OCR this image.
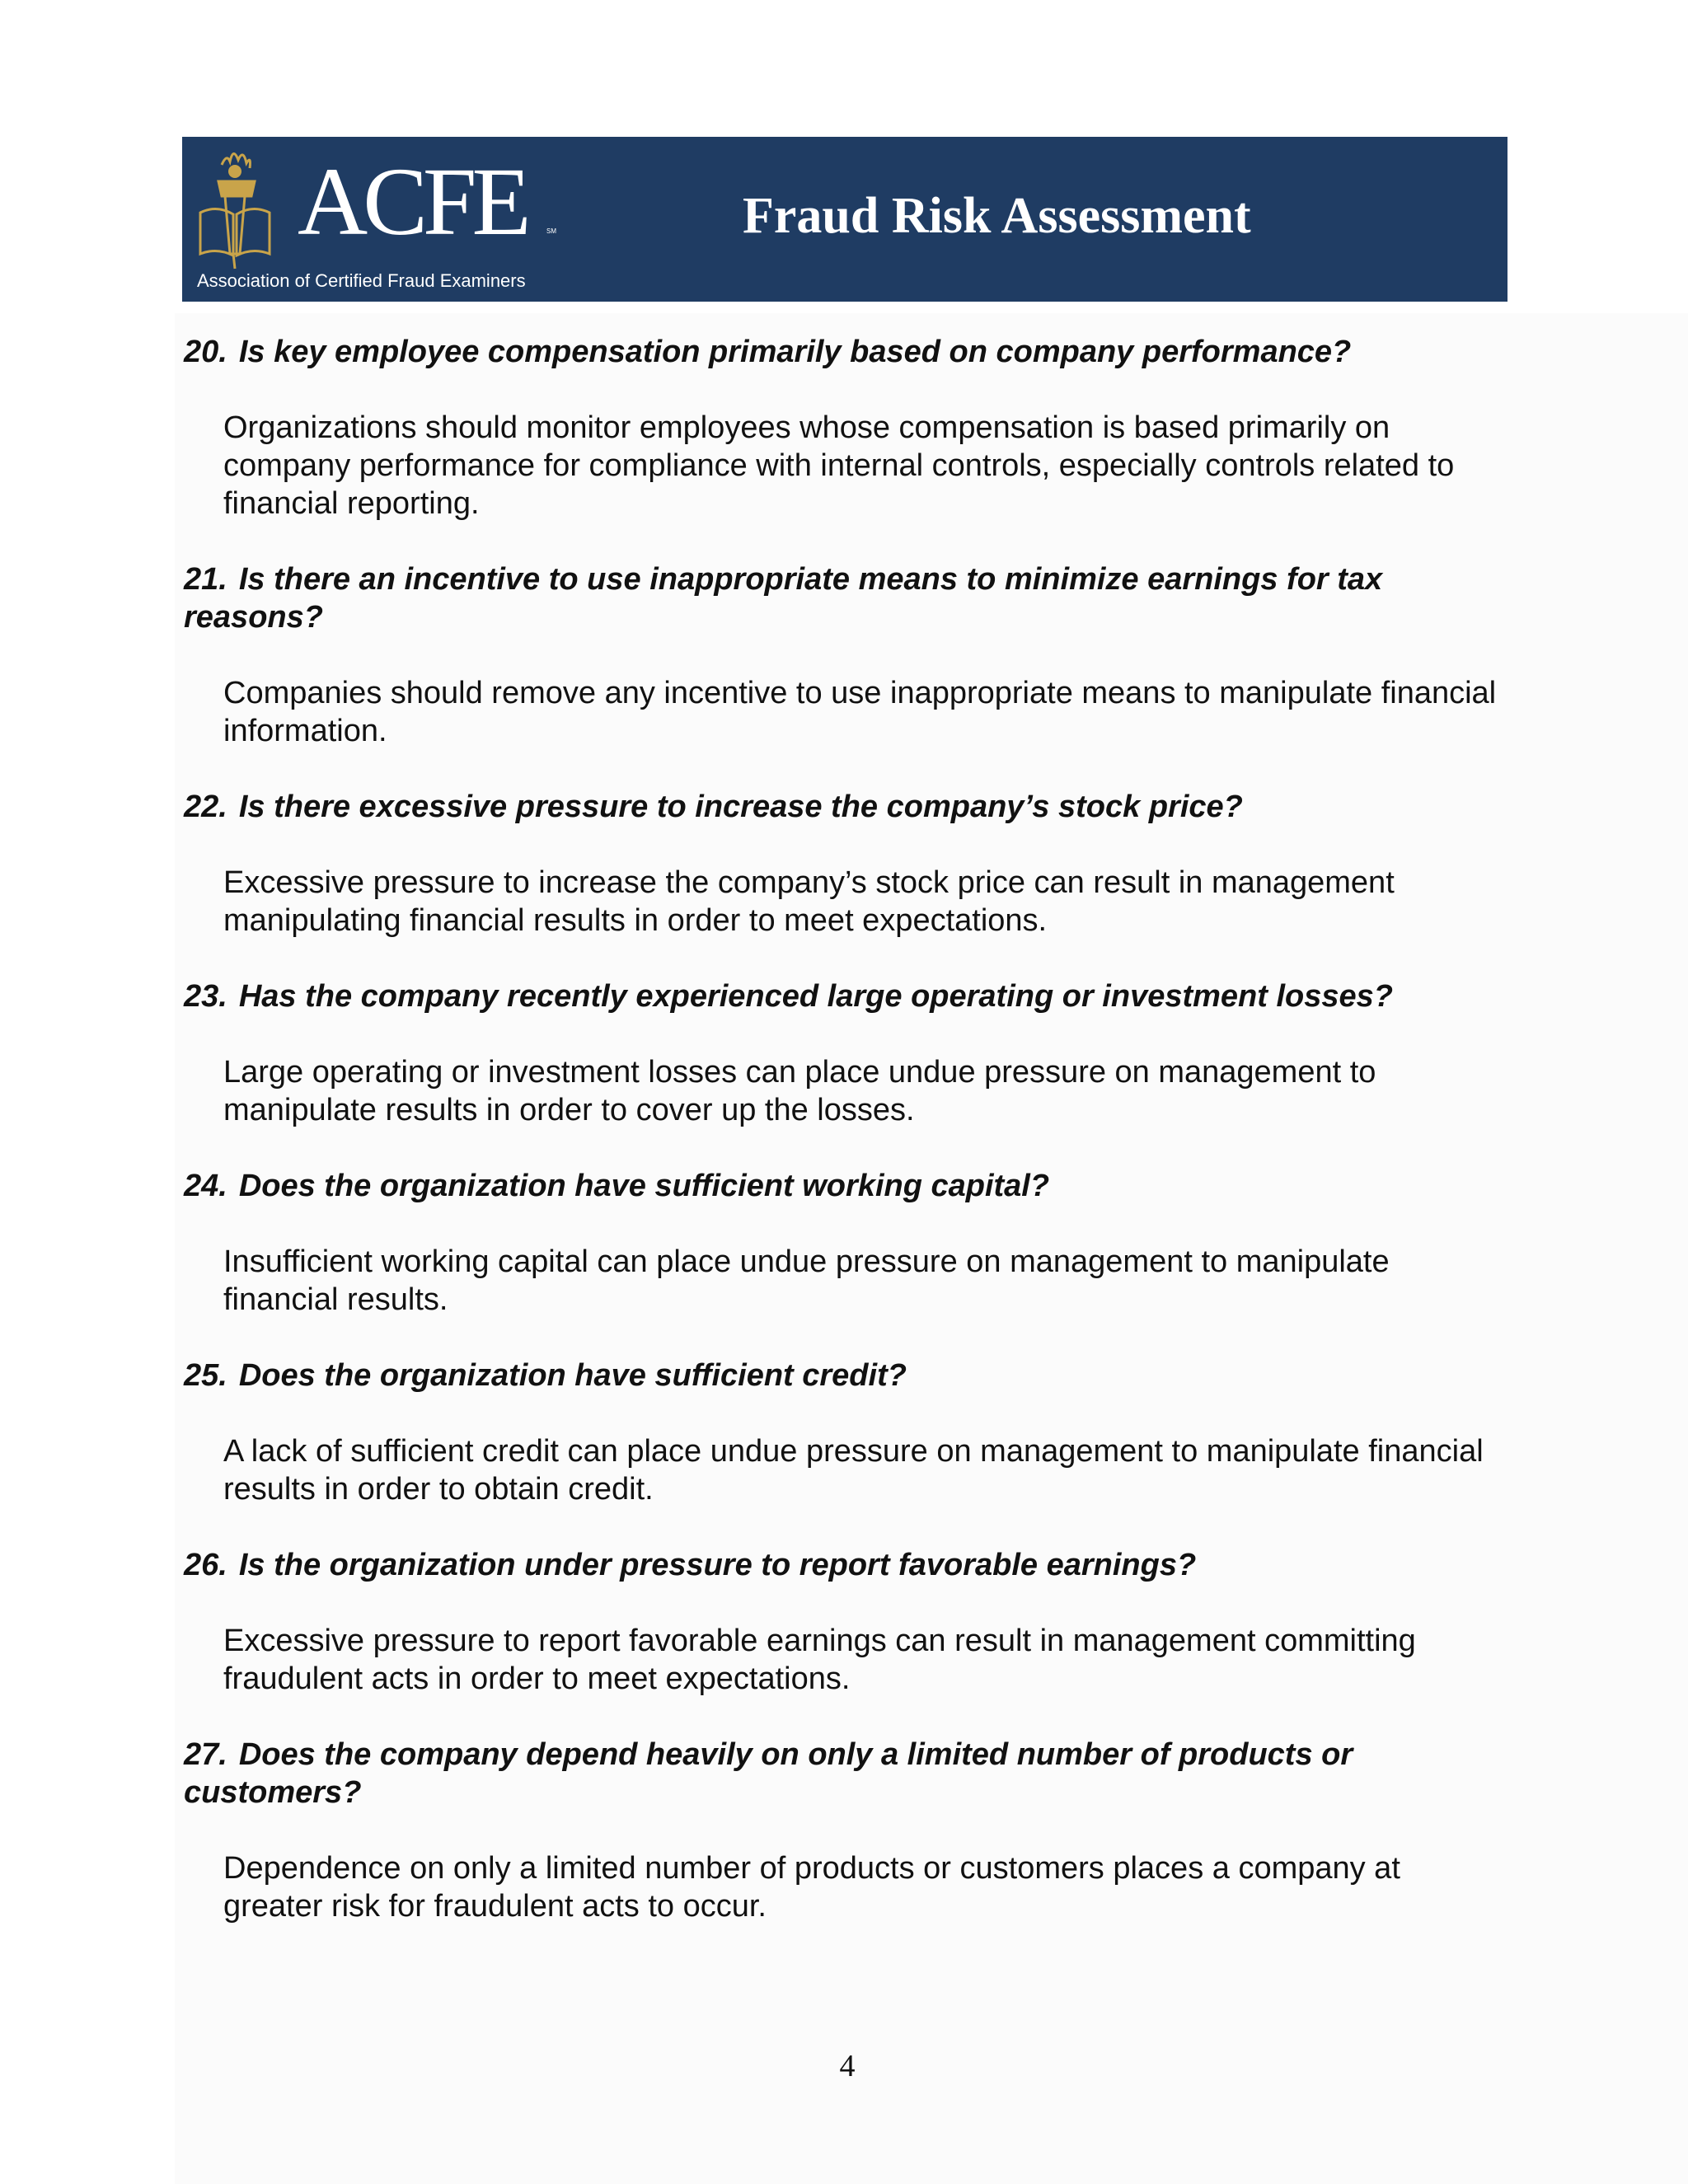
ACFE	SM
Association of Certified Fraud Examiners
Fraud Risk Assessment

20. Is key employee compensation primarily based on company performance?

Organizations should monitor employees whose compensation is based primarily on company performance for compliance with internal controls, especially controls related to financial reporting.

21. Is there an incentive to use inappropriate means to minimize earnings for tax reasons?

Companies should remove any incentive to use inappropriate means to manipulate financial information.

22. Is there excessive pressure to increase the company’s stock price?

Excessive pressure to increase the company’s stock price can result in management manipulating financial results in order to meet expectations.

23. Has the company recently experienced large operating or investment losses?

Large operating or investment losses can place undue pressure on management to manipulate results in order to cover up the losses.

24. Does the organization have sufficient working capital?

Insufficient working capital can place undue pressure on management to manipulate financial results.

25. Does the organization have sufficient credit?

A lack of sufficient credit can place undue pressure on management to manipulate financial results in order to obtain credit.

26. Is the organization under pressure to report favorable earnings?

Excessive pressure to report favorable earnings can result in management committing fraudulent acts in order to meet expectations.

27. Does the company depend heavily on only a limited number of products or customers?

Dependence on only a limited number of products or customers places a company at greater risk for fraudulent acts to occur.

4
